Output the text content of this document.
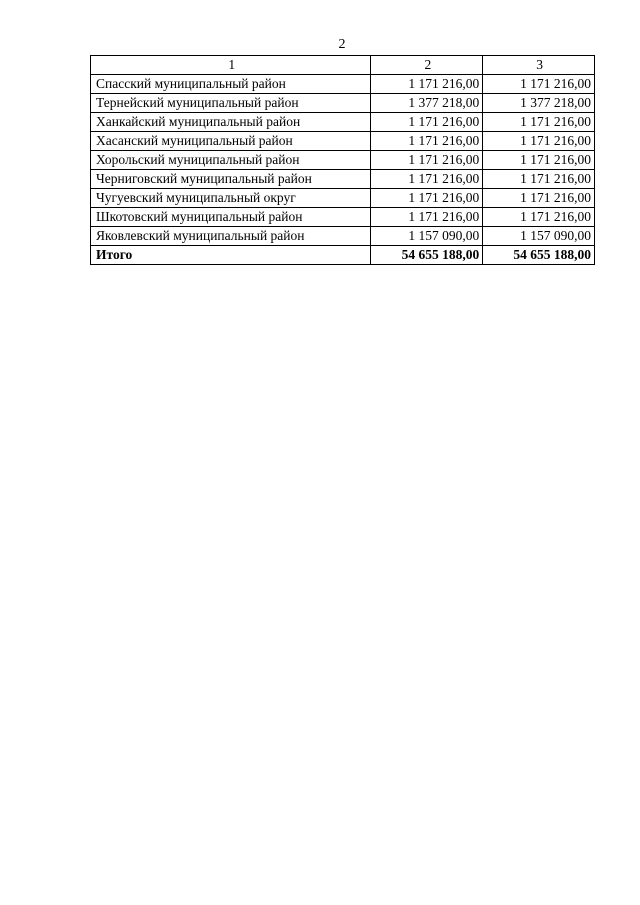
2
1	2	3
Спасский муниципальный район	1 171 216,00	1 171 216,00
Тернейский муниципальный район	1 377 218,00	1 377 218,00
Ханкайский муниципальный район	1 171 216,00	1 171 216,00
Хасанский муниципальный район	1 171 216,00	1 171 216,00
Хорольский муниципальный район	1 171 216,00	1 171 216,00
Черниговский муниципальный район	1 171 216,00	1 171 216,00
Чугуевский муниципальный округ	1 171 216,00	1 171 216,00
Шкотовский муниципальный район	1 171 216,00	1 171 216,00
Яковлевский муниципальный район	1 157 090,00	1 157 090,00
Итого	54 655 188,00	54 655 188,00
